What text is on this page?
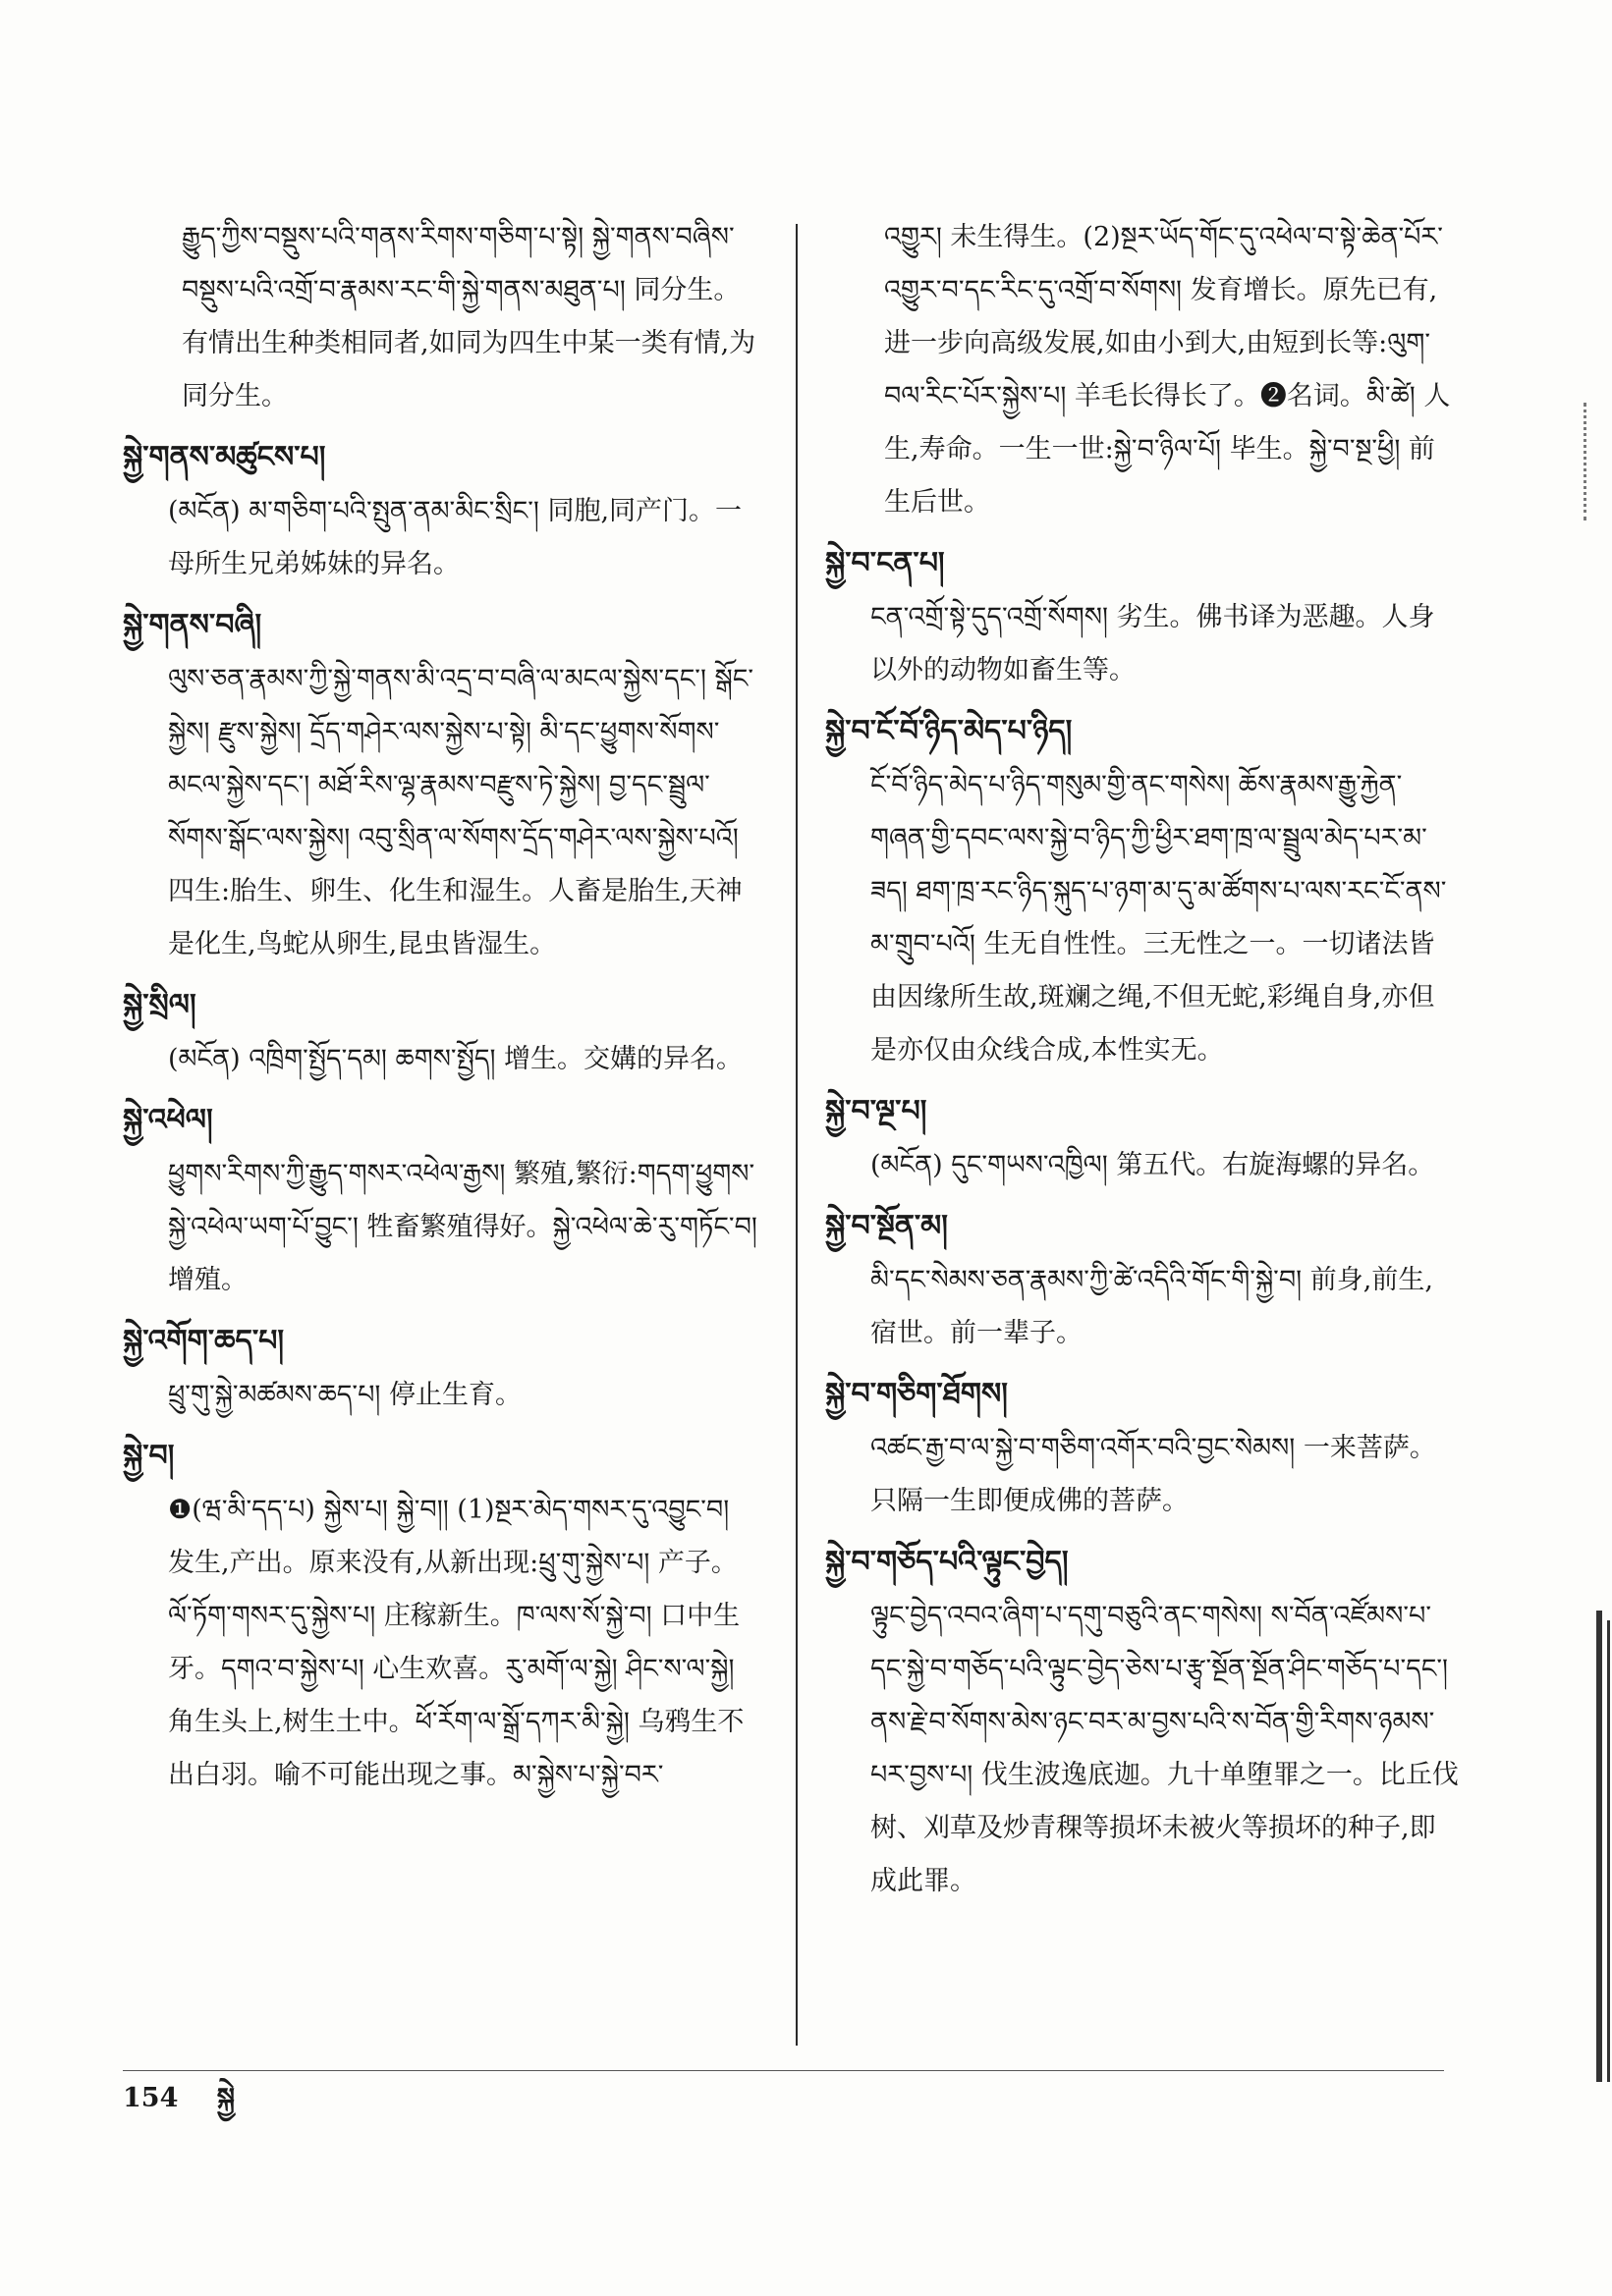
རྒྱུད་ཀྱིས་བསྡུས་པའི་གནས་རིགས་གཅིག་པ་སྟེ། སྐྱེ་གནས་བཞིས་བསྡུས་པའི་འགྲོ་བ་རྣམས་རང་གི་སྐྱེ་གནས་མཐུན་པ། 同分生。有情出生种类相同者,如同为四生中某一类有情,为同分生。
སྐྱེ་གནས་མཚུངས་པ།
(མངོན) མ་གཅིག་པའི་སྤུན་ནམ་མིང་སྲིང་། 同胞,同产门。一母所生兄弟姊妹的异名。
སྐྱེ་གནས་བཞི།
ལུས་ཅན་རྣམས་ཀྱི་སྐྱེ་གནས་མི་འདྲ་བ་བཞི་ལ་མངལ་སྐྱེས་དང་། སྒོང་སྐྱེས། རྫུས་སྐྱེས། དྲོད་གཤེར་ལས་སྐྱེས་པ་སྟེ། མི་དང་ཕྱུགས་སོགས་མངལ་སྐྱེས་དང་། མཐོ་རིས་ལྷ་རྣམས་བརྫུས་ཏེ་སྐྱེས། བྱ་དང་སྦྲུལ་སོགས་སྒོང་ལས་སྐྱེས། འབུ་སྲིན་ལ་སོགས་དྲོད་གཤེར་ལས་སྐྱེས་པའོ། 四生:胎生、卵生、化生和湿生。人畜是胎生,天神是化生,鸟蛇从卵生,昆虫皆湿生。
སྐྱེ་སྲིལ།
(མངོན) འཁྲིག་སྤྱོད་དམ། ཆགས་སྤྱོད། 增生。交媾的异名。
སྐྱེ་འཕེལ།
ཕྱུགས་རིགས་ཀྱི་རྒྱུད་གསར་འཕེལ་རྒྱས། 繁殖,繁衍:གདག་ཕྱུགས་སྐྱེ་འཕེལ་ཡག་པོ་བྱུང་། 牲畜繁殖得好。སྐྱེ་འཕེལ་ཆེ་རུ་གཏོང་བ། 增殖。
སྐྱེ་འགོག་ཆད་པ།
ཕྲུ་གུ་སྐྱེ་མཚམས་ཆད་པ། 停止生育。
སྐྱེ་བ།
❶(ཝ་མི་དད་པ) སྐྱེས་པ། སྐྱེ་བ།། (1)སྔར་མེད་གསར་དུ་འབྱུང་བ། 发生,产出。原来没有,从新出现:ཕྲུ་གུ་སྐྱེས་པ། 产子。ལོ་ཏོག་གསར་དུ་སྐྱེས་པ། 庄稼新生。ཁ་ལས་སོ་སྐྱེ་བ། 口中生牙。དགའ་བ་སྐྱེས་པ། 心生欢喜。རུ་མགོ་ལ་སྐྱེ། ཤིང་ས་ལ་སྐྱེ། 角生头上,树生土中。ཕོ་རོག་ལ་སྒྲོ་དཀར་མི་སྐྱེ། 乌鸦生不出白羽。喻不可能出现之事。མ་སྐྱེས་པ་སྐྱེ་བར་
འགྱུར། 未生得生。(2)སྔར་ཡོད་གོང་དུ་འཕེལ་བ་སྟེ་ཆེན་པོར་འགྱུར་བ་དང་རིང་དུ་འགྲོ་བ་སོགས། 发育增长。原先已有,进一步向高级发展,如由小到大,由短到长等:ལུག་བལ་རིང་པོར་སྐྱེས་པ། 羊毛长得长了。❷名词。མི་ཚེ། 人生,寿命。一生一世:སྐྱེ་བ་ཉིལ་པོ། 毕生。སྐྱེ་བ་སྔ་ཕྱི། 前生后世。
སྐྱེ་བ་ངན་པ།
ངན་འགྲོ་སྟེ་དུད་འགྲོ་སོགས། 劣生。佛书译为恶趣。人身以外的动物如畜生等。
སྐྱེ་བ་ངོ་བོ་ཉིད་མེད་པ་ཉིད།
ངོ་བོ་ཉིད་མེད་པ་ཉིད་གསུམ་གྱི་ནང་གསེས། ཆོས་རྣམས་རྒྱུ་རྐྱེན་གཞན་གྱི་དབང་ལས་སྐྱེ་བ་ཉིད་ཀྱི་ཕྱིར་ཐག་ཁྲ་ལ་སྦྲུལ་མེད་པར་མ་ཟད། ཐག་ཁྲ་རང་ཉིད་སྐུད་པ་ཉག་མ་དུ་མ་ཚོགས་པ་ལས་རང་ངོ་ནས་མ་གྲུབ་པའོ། 生无自性性。三无性之一。一切诸法皆由因缘所生故,斑斓之绳,不但无蛇,彩绳自身,亦但是亦仅由众线合成,本性实无。
སྐྱེ་བ་ལྔ་པ།
(མངོན) དུང་གཡས་འཁྱིལ། 第五代。右旋海螺的异名。
སྐྱེ་བ་སྔོན་མ།
མི་དང་སེམས་ཅན་རྣམས་ཀྱི་ཚེ་འདིའི་གོང་གི་སྐྱེ་བ། 前身,前生,宿世。前一辈子。
སྐྱེ་བ་གཅིག་ཐོགས།
འཚང་རྒྱ་བ་ལ་སྐྱེ་བ་གཅིག་འགོར་བའི་བྱང་སེམས། 一来菩萨。只隔一生即便成佛的菩萨。
སྐྱེ་བ་གཅོད་པའི་ལྟུང་བྱེད།
ལྟུང་བྱེད་འབའ་ཞིག་པ་དགུ་བཅུའི་ནང་གསེས། ས་བོན་འཛོམས་པ་དང་སྐྱེ་བ་གཅོད་པའི་ལྟུང་བྱེད་ཅེས་པ་རྩྭ་སྔོན་སྔོན་ཤིང་གཅོད་པ་དང་། ནས་རྗེ་བ་སོགས་མེས་ཉང་བར་མ་བྱས་པའི་ས་བོན་གྱི་རིགས་ཉམས་པར་བྱས་པ། 伐生波逸底迦。九十单堕罪之一。比丘伐树、刈草及炒青稞等损坏未被火等损坏的种子,即成此罪。
154 སྐྱེ
